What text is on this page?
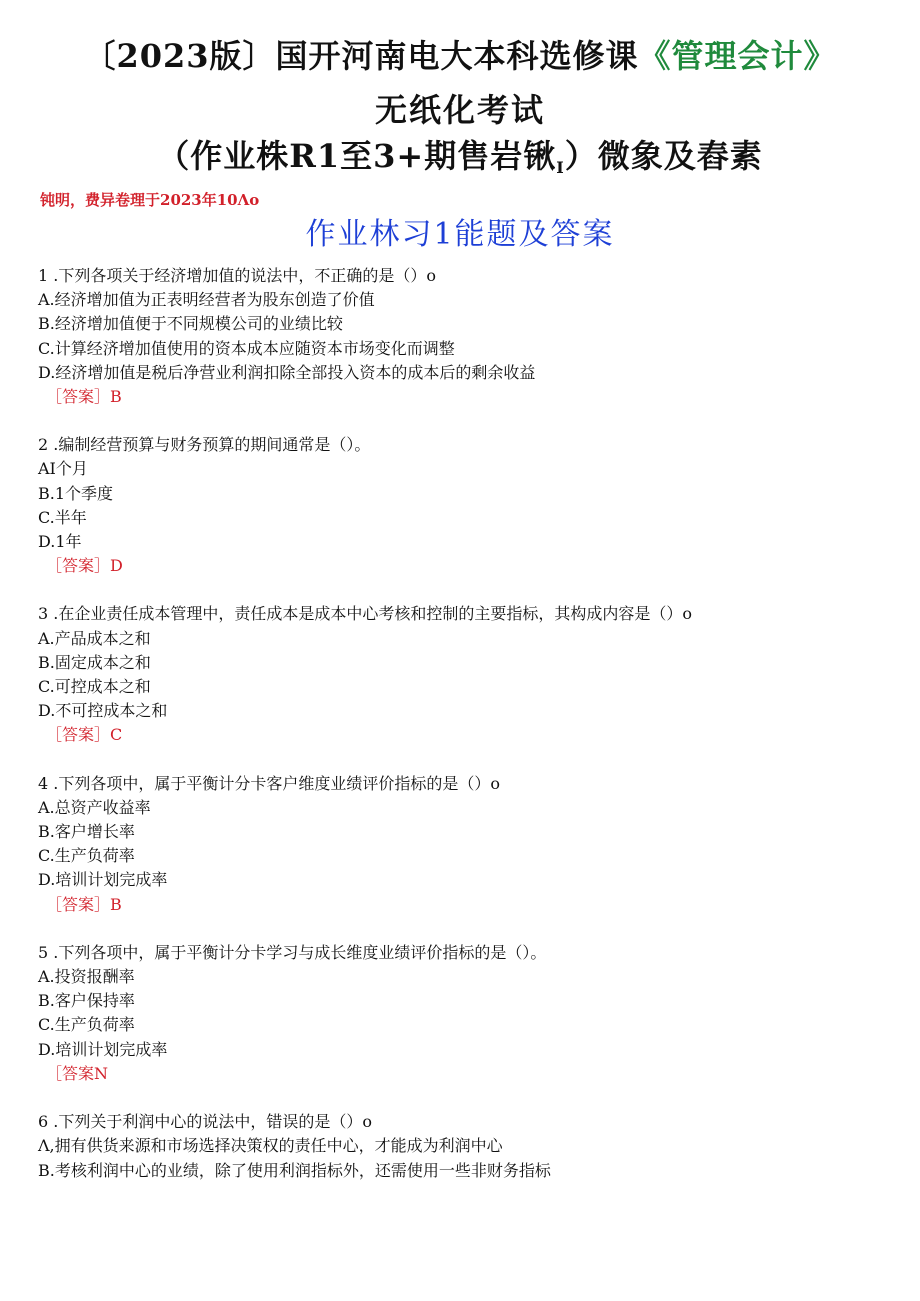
〔2023版〕国开河南电大本科选修课《管理会计》
无纸化考试
（作业株R1至3+期售岩锹I）微象及舂素
钝明，费异卷理于2023年10Λo
作业林习1能题及答案
1 .下列各项关于经济增加值的说法中，不正确的是（）o
A.经济增加值为正表明经营者为股东创造了价值
B.经济增加值便于不同规模公司的业绩比较
C.计算经济增加值使用的资本成本应随资本市场变化而调整
D.经济增加值是税后净营业利润扣除全部投入资本的成本后的剩余收益
［答案］B
2 .编制经营预算与财务预算的期间通常是（）。
AI个月
B.1个季度
C.半年
D.1年
［答案］D
3 .在企业责任成本管理中，责任成本是成本中心考核和控制的主要指标，其构成内容是（）o
A.产品成本之和
B.固定成本之和
C.可控成本之和
D.不可控成本之和
［答案］C
4 .下列各项中，属于平衡计分卡客户维度业绩评价指标的是（）o
A.总资产收益率
B.客户增长率
C.生产负荷率
D.培训计划完成率
［答案］B
5 .下列各项中，属于平衡计分卡学习与成长维度业绩评价指标的是（）。
A.投资报酬率
B.客户保持率
C.生产负荷率
D.培训计划完成率
［答案N
6 .下列关于利润中心的说法中，错误的是（）o
Λ,拥有供货来源和市场选择决策权的责任中心，才能成为利润中心
B.考核利润中心的业绩，除了使用利润指标外，还需使用一些非财务指标
